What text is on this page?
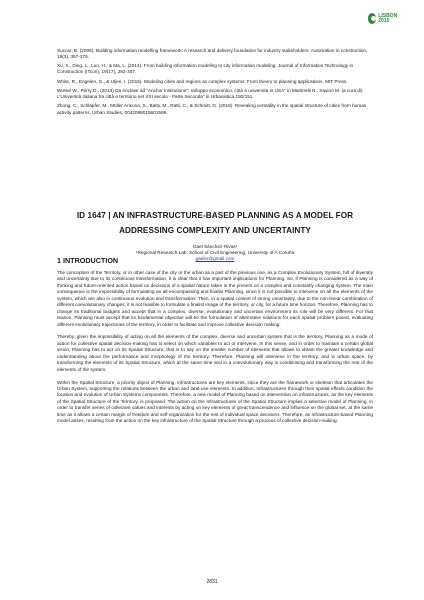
LISBON 2015

Succar, B. (2009). Building information modelling framework: A research and delivery foundation for industry stakeholders. Automation in construction, 18(3), 357-375.

Xu, X., Ding, L., Luo, H., & Ma, L. (2014). From building information modeling to city information modeling. Journal of Information Technology in Construction (ITcon), 19(17), 292-307.

White, R., Engelen, G., & Uljee, I. (2015). Modeling cities and regions as complex systems: From theory to planning applications. MIT Press.

Wiesel W., Perry D., (2013) Da enclave ad “Anchor institutione”: sviluppo economico, città e università in USA” in Martinelli N., Savino M. (a cura di) L’Università italiana tra città e territorio nel XXI secolo - Parte Seconda” in Urbanistica 150/151.

Zhong, C., Schläpfer, M., Müller Arisona, S., Batty, M., Ratti, C., & Schmitt, G. (2015). Revealing centrality in the spatial structure of cities from human activity patterns. Urban Studies, 0042098015601599.

ID 1647 | AN INFRASTRUCTURE-BASED PLANNING AS A MODEL FOR
ADDRESSING COMPLEXITY AND UNCERTAINTY

Gael Sánchez-Rivas¹
¹Regional Research Lab. School of Civil Engineering, University of A Coruña
gaelsr@gmail.com
1 INTRODUCTION

The conception of the Territory, or in other case of the city or the urban as a part of the previous one, as a Complex Evolutionary System, full of diversity and uncertainty due to its continuous transformation, it is clear that it has important implications for Planning. So, if Planning is considered as a way of thinking and future-oriented action based on decisions of a spatial nature taken in the present on a complex and constantly changing system. The main consequence is the impossibility of formulating an all-encompassing and finalist Planning, since it is not possible to intervene on all the elements of the system, which are also in continuous evolution and transformation. Then, in a spatial context of strong uncertainty, due to the non-linear combination of different coevolutionary changes, it is not feasible to formulate a finalist image of the territory, or city, for a future time horizon. Therefore, Planning has to change its traditional budgets and accept that in a complex, diverse, evolutionary and uncertain environment its role will be very different. For that reason, Planning must accept that its fundamental objective will be the formulation of alternative solutions for each spatial problem posed, evaluating different evolutionary trajectories of the territory, in order to facilitate and improve collective decision making.

Thereby, given the impossibility of acting on all the elements of the complex, diverse and uncertain system that is the territory, Planning as a mode of action for collective spatial decision-making has to select on which variables to act or intervene. In this sense, and in order to maintain a certain global vision, Planning has to act on its Spatial Structure, that is to say on the smaller number of elements that allows to obtain the greater knowledge and understanding about the performance and morphology of the territory. Therefore, Planning will intervene in the territory, and in urban space, by transforming the elements of its Spatial Structure, which at the same time and in a coevolutionary way is conditioning and transforming the rest of the elements of the system.

Within the Spatial Structure, a priority object of Planning, Infrastructures are key elements, since they are the framework or skeleton that articulates the Urban System, supporting the relations between the urban and land-use elements. In addition, Infrastructures through their spatial effects condition the location and evolution of Urban Systems components. Therefore, a new model of Planning based on intervention on infrastructures, as the key elements of the Spatial Structure of the Territory, is proposed. The action on the Infrastructures of the Spatial Structure implies a selective model of Planning, in order to transfer series of collective values and interests by acting on key elements of great transcendence and influence on the global set, at the same time as it allows a certain margin of freedom and self-organization for the rest of individual space decisions. Therefore, an infrastructure-based Planning model arises, resulting from the action on the key infrastructure of the Spatial Structure through a process of collective decision-making.

2831
